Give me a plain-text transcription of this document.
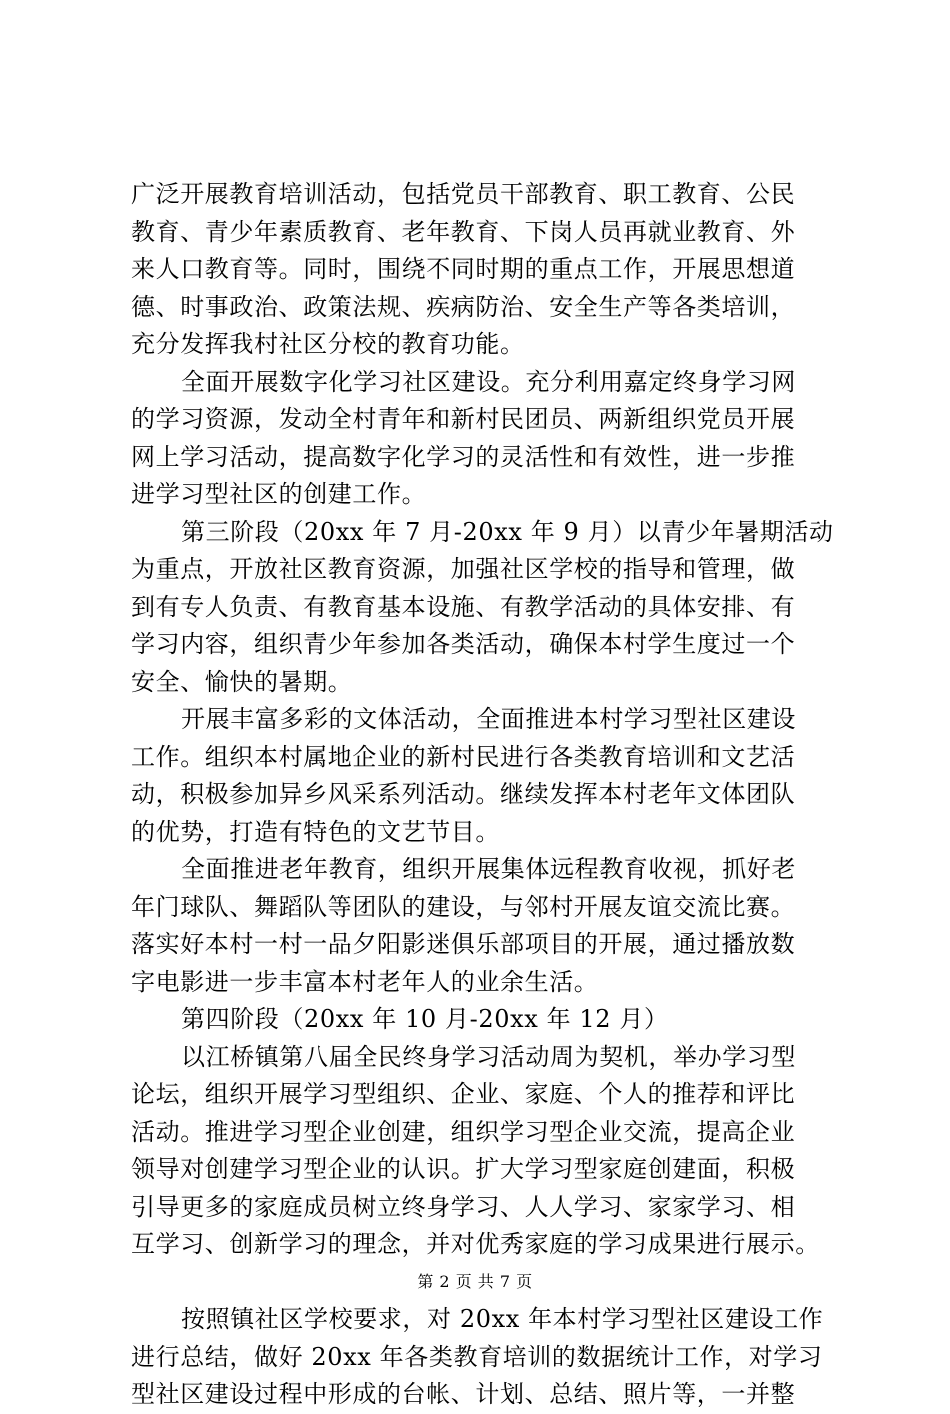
广泛开展教育培训活动，包括党员干部教育、职工教育、公民
教育、青少年素质教育、老年教育、下岗人员再就业教育、外
来人口教育等。同时，围绕不同时期的重点工作，开展思想道
德、时事政治、政策法规、疾病防治、安全生产等各类培训，
充分发挥我村社区分校的教育功能。
全面开展数字化学习社区建设。充分利用嘉定终身学习网
的学习资源，发动全村青年和新村民团员、两新组织党员开展
网上学习活动，提高数字化学习的灵活性和有效性，进一步推
进学习型社区的创建工作。
第三阶段（20xx 年 7 月-20xx 年 9 月）以青少年暑期活动
为重点，开放社区教育资源，加强社区学校的指导和管理，做
到有专人负责、有教育基本设施、有教学活动的具体安排、有
学习内容，组织青少年参加各类活动，确保本村学生度过一个
安全、愉快的暑期。
开展丰富多彩的文体活动，全面推进本村学习型社区建设
工作。组织本村属地企业的新村民进行各类教育培训和文艺活
动，积极参加异乡风采系列活动。继续发挥本村老年文体团队
的优势，打造有特色的文艺节目。
全面推进老年教育，组织开展集体远程教育收视，抓好老
年门球队、舞蹈队等团队的建设，与邻村开展友谊交流比赛。
落实好本村一村一品夕阳影迷俱乐部项目的开展，通过播放数
字电影进一步丰富本村老年人的业余生活。
第四阶段（20xx 年 10 月-20xx 年 12 月）
以江桥镇第八届全民终身学习活动周为契机，举办学习型
论坛，组织开展学习型组织、企业、家庭、个人的推荐和评比
活动。推进学习型企业创建，组织学习型企业交流，提高企业
领导对创建学习型企业的认识。扩大学习型家庭创建面，积极
引导更多的家庭成员树立终身学习、人人学习、家家学习、相
互学习、创新学习的理念，并对优秀家庭的学习成果进行展示。
按照镇社区学校要求，对 20xx 年本村学习型社区建设工作
进行总结，做好 20xx 年各类教育培训的数据统计工作，对学习
型社区建设过程中形成的台帐、计划、总结、照片等，一并整
第 2 页 共 7 页
